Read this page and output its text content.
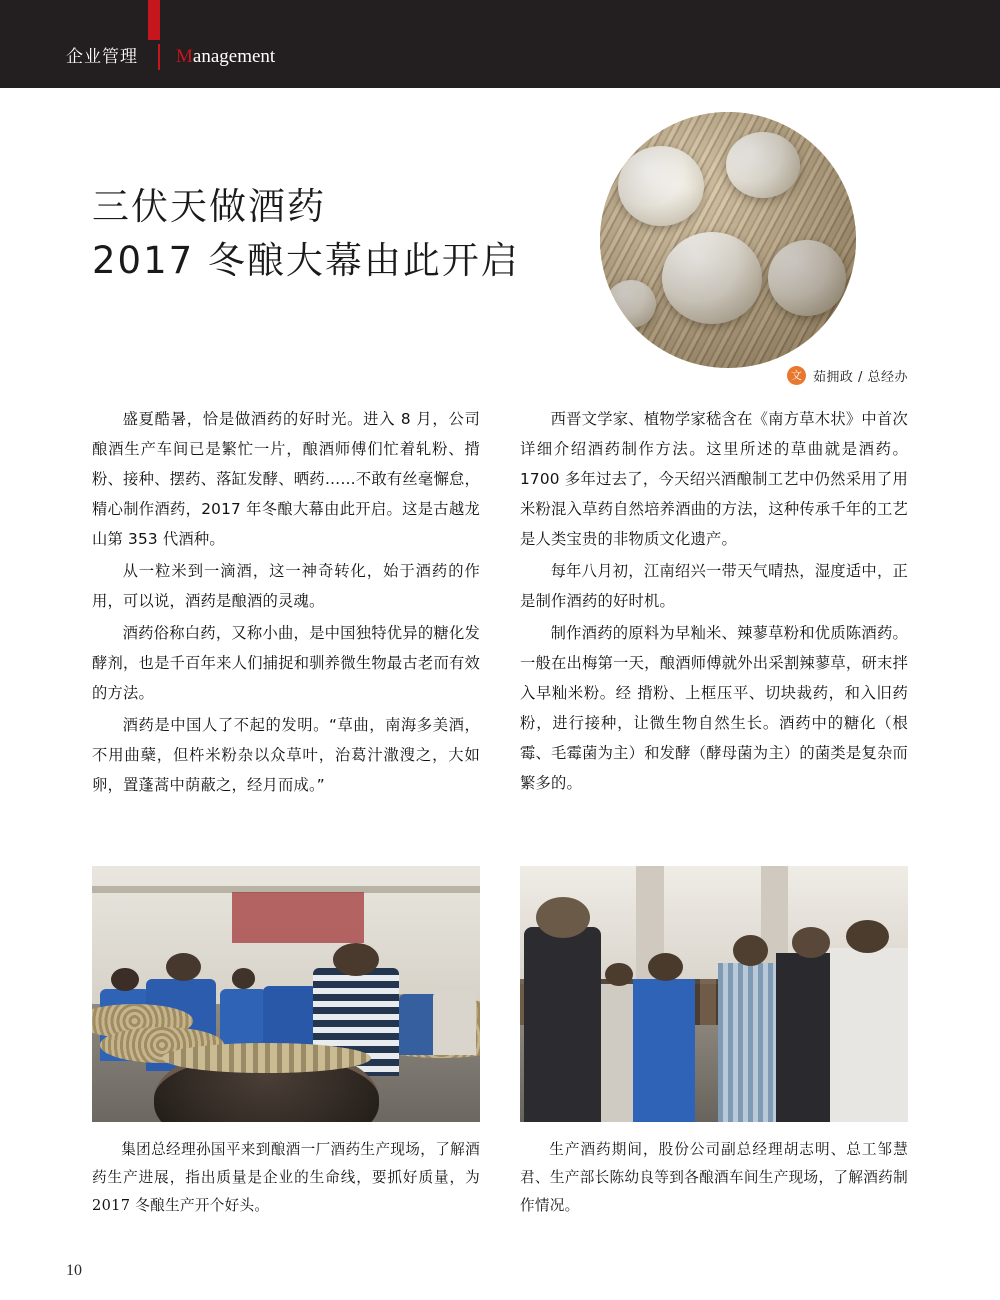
企业管理 Management
三伏天做酒药
2017 冬酿大幕由此开启
文 茹拥政 / 总经办

盛夏酷暑，恰是做酒药的好时光。进入 8 月，公司酿酒生产车间已是繁忙一片，酿酒师傅们忙着轧粉、揹粉、接种、摆药、落缸发酵、晒药……不敢有丝毫懈怠，精心制作酒药，2017 年冬酿大幕由此开启。这是古越龙山第 353 代酒种。

从一粒米到一滴酒，这一神奇转化，始于酒药的作用，可以说，酒药是酿酒的灵魂。

酒药俗称白药，又称小曲，是中国独特优异的糖化发酵剂，也是千百年来人们捕捉和驯养微生物最古老而有效的方法。

酒药是中国人了不起的发明。“草曲，南海多美酒，不用曲蘖，但杵米粉杂以众草叶，治葛汁潵溲之，大如卵，置蓬蒿中荫蔽之，经月而成。”

西晋文学家、植物学家嵇含在《南方草木状》中首次详细介绍酒药制作方法。这里所述的草曲就是酒药。1700 多年过去了，今天绍兴酒酿制工艺中仍然采用了用米粉混入草药自然培养酒曲的方法，这种传承千年的工艺是人类宝贵的非物质文化遗产。

每年八月初，江南绍兴一带天气晴热，湿度适中，正是制作酒药的好时机。

制作酒药的原料为早籼米、辣蓼草粉和优质陈酒药。一般在出梅第一天，酿酒师傅就外出采割辣蓼草，研末拌入早籼米粉。经 揹粉、上框压平、切块裁药，和入旧药粉，进行接种，让微生物自然生长。酒药中的糖化（根霉、毛霉菌为主）和发酵（酵母菌为主）的菌类是复杂而繁多的。

集团总经理孙国平来到酿酒一厂酒药生产现场，了解酒药生产进展，指出质量是企业的生命线，要抓好质量，为 2017 冬酿生产开个好头。
生产酒药期间，股份公司副总经理胡志明、总工邹慧君、生产部长陈幼良等到各酿酒车间生产现场，了解酒药制作情况。
10
